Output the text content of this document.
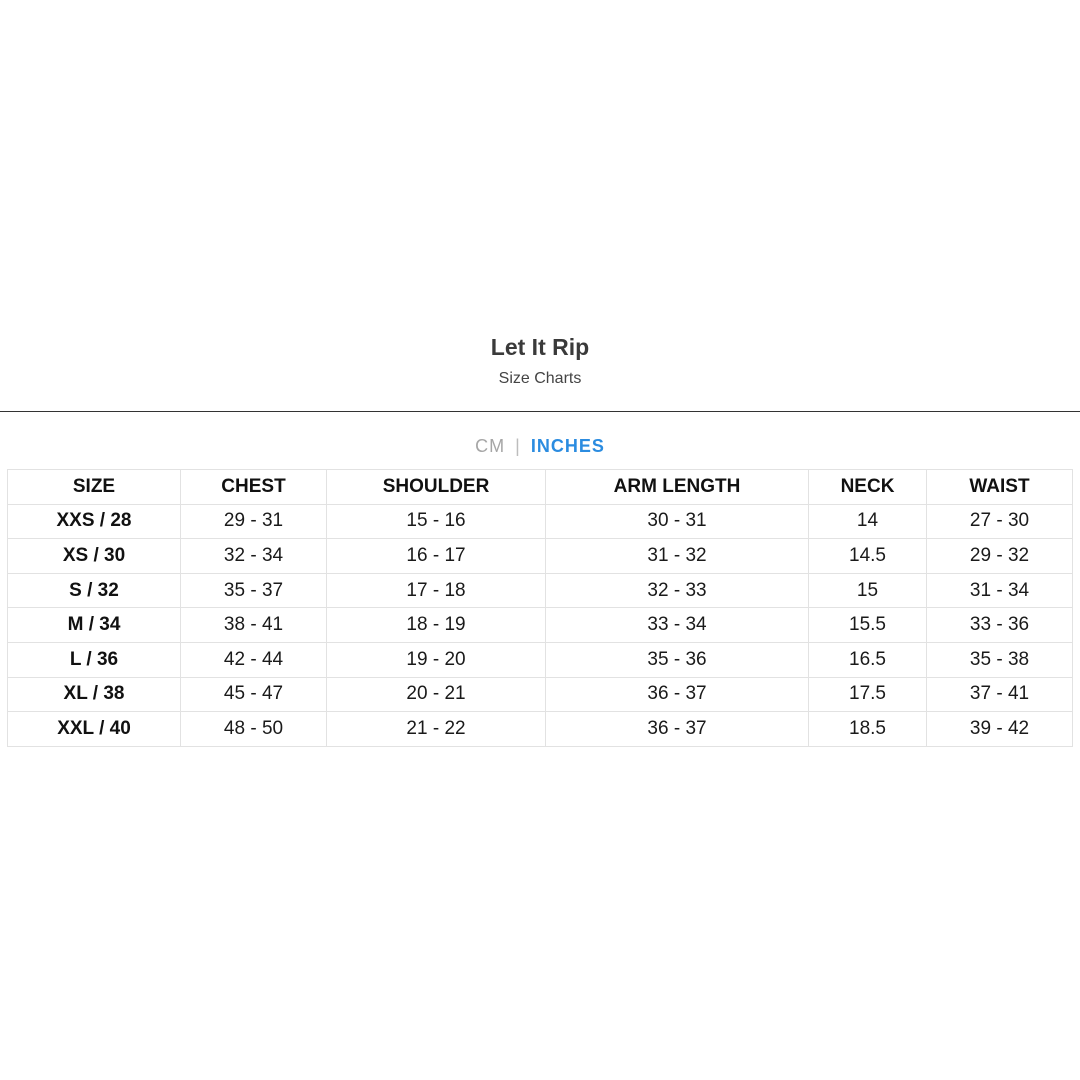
Let It Rip
Size Charts
CM | INCHES
SIZE	CHEST	SHOULDER	ARM LENGTH	NECK	WAIST
XXS / 28	29 - 31	15 - 16	30 - 31	14	27 - 30
XS / 30	32 - 34	16 - 17	31 - 32	14.5	29 - 32
S / 32	35 - 37	17 - 18	32 - 33	15	31 - 34
M / 34	38 - 41	18 - 19	33 - 34	15.5	33 - 36
L / 36	42 - 44	19 - 20	35 - 36	16.5	35 - 38
XL / 38	45 - 47	20 - 21	36 - 37	17.5	37 - 41
XXL / 40	48 - 50	21 - 22	36 - 37	18.5	39 - 42
